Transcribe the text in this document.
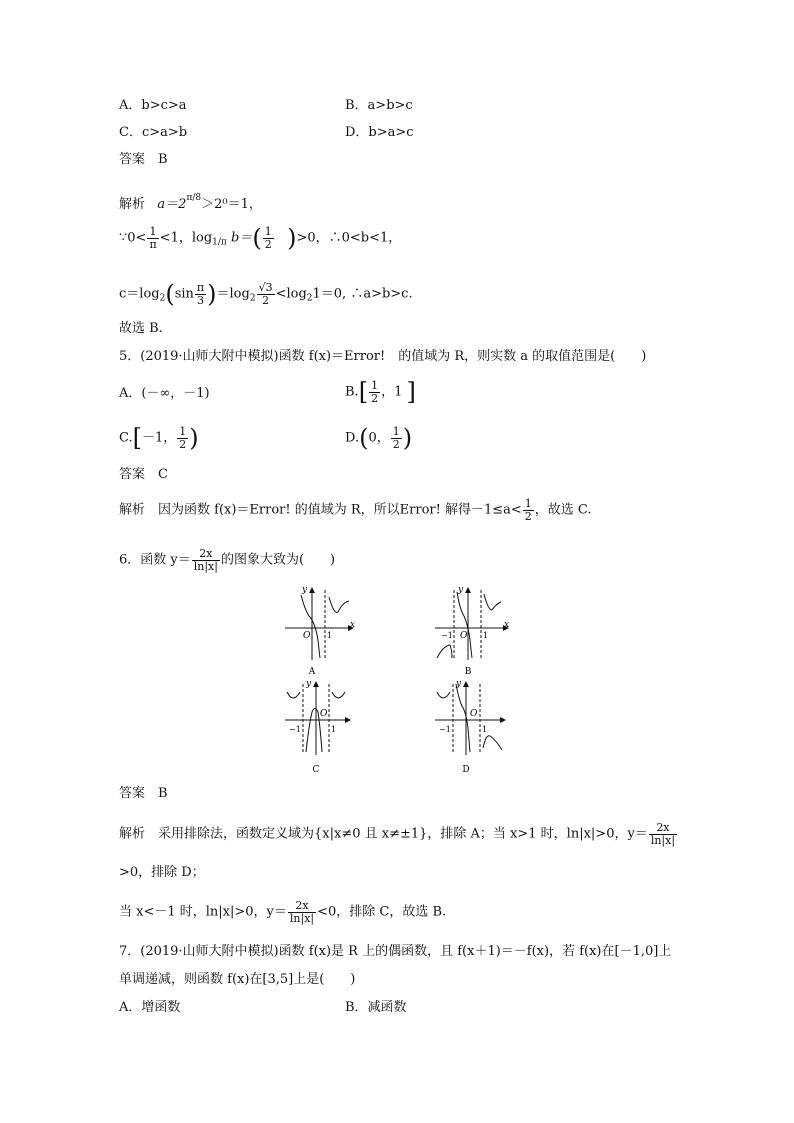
A．b>c>a	B．a>b>c
C．c>a>b	D．b>a>c
答案　B
解析 $a=2^{\pi/8}>2^0=1$，
∵0< $\frac{1}{\pi} <1$，$\log_{1/\pi} b=( \frac{1}{2} )>0$，∴0<b<1，
$c=\log_2(\sin \frac{\pi}{3} )=\log_2 \frac{√3}{2} <\log_21=0$, ∴a>b>c.
故选 B.
5．(2019·山师大附中模拟)函数 f(x)＝Error!　的值域为 R，则实数 a 的取值范围是(　　)
A．(－∞，－1)	$B.[ \frac{1}{2}$ ，1 ]
C.[－1， $\frac{1}{2}$ )	D.(0， $\frac{1}{2}$ )
答案　C
解析　因为函数 f(x)＝Error! 的值域为 R，所以Error! 解得$-1\le a< \frac{1}{2}$ ，故选 C.
6．函数 $y= \frac{2x}{\ln|x|}$ 的图象大致为(　　)
x
y
O 1
A
x
y
O
−1	1
B
y
O
−1	1
C
y
O
−1	1
D
答案　B
解析　采用排除法，函数定义域为{x|x≠0 且 x≠±1}，排除 A；当 x>1 时，ln|x|>0，$y= \frac{2x}{\ln|x|}$
>0，排除 D；
当 x<－1 时，ln|x|>0，$y= \frac{2x}{\ln|x|} <0$，排除 C，故选 B.
7．(2019·山师大附中模拟)函数 f(x)是 R 上的偶函数，且 f(x＋1)＝－f(x)，若 f(x)在[－1,0]上
单调递减，则函数 f(x)在[3,5]上是(　　)
A．增函数	B．减函数
